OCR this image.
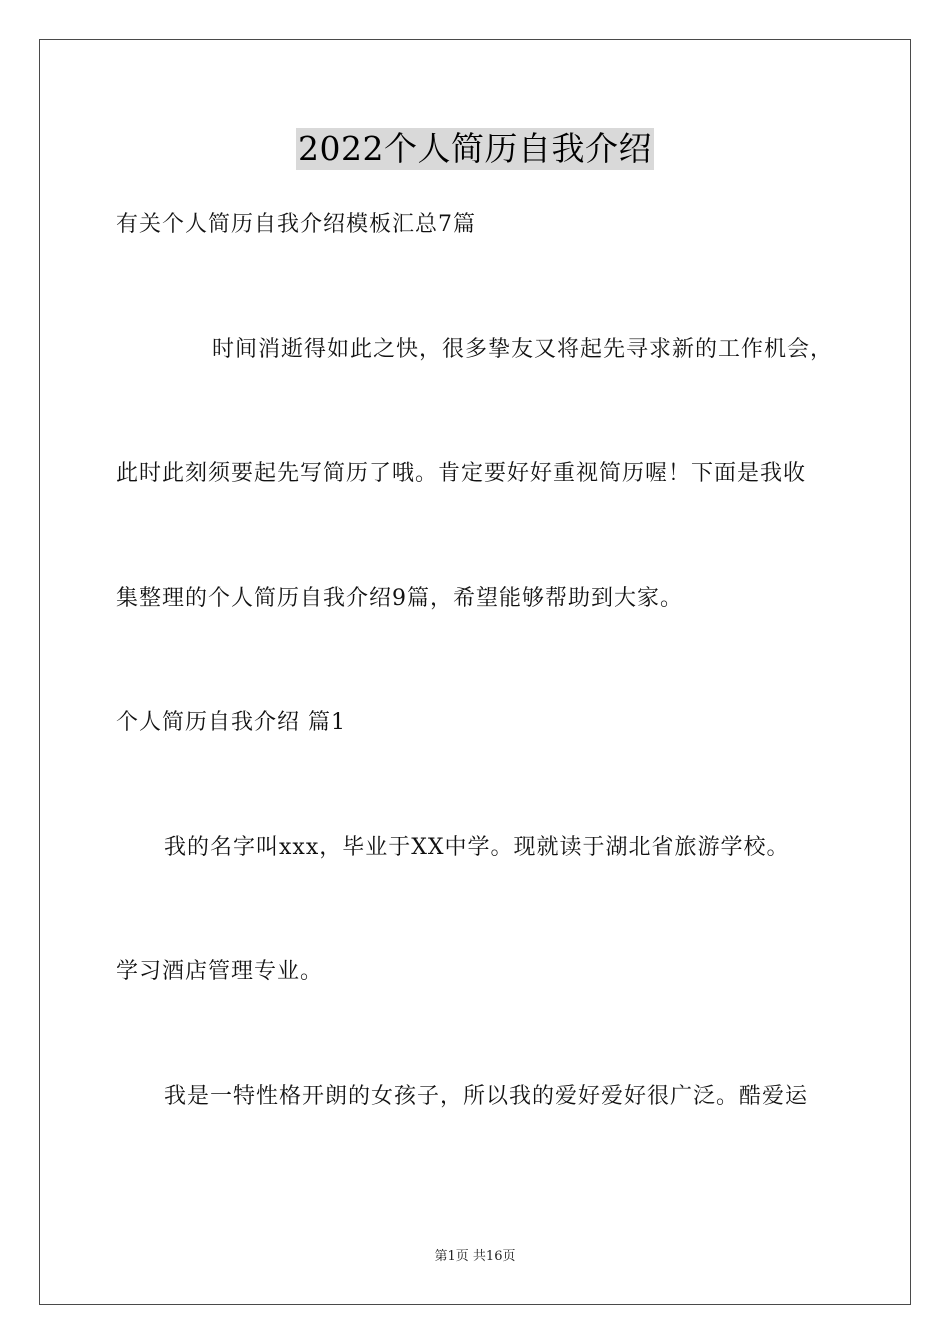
2022个人简历自我介绍
有关个人简历自我介绍模板汇总7篇
时间消逝得如此之快，很多挚友又将起先寻求新的工作机会，
此时此刻须要起先写简历了哦。肯定要好好重视简历喔！下面是我收
集整理的个人简历自我介绍9篇，希望能够帮助到大家。
个人简历自我介绍 篇1
我的名字叫xxx，毕业于XX中学。现就读于湖北省旅游学校。
学习酒店管理专业。
我是一特性格开朗的女孩子，所以我的爱好爱好很广泛。酷爱运
第1页 共16页
